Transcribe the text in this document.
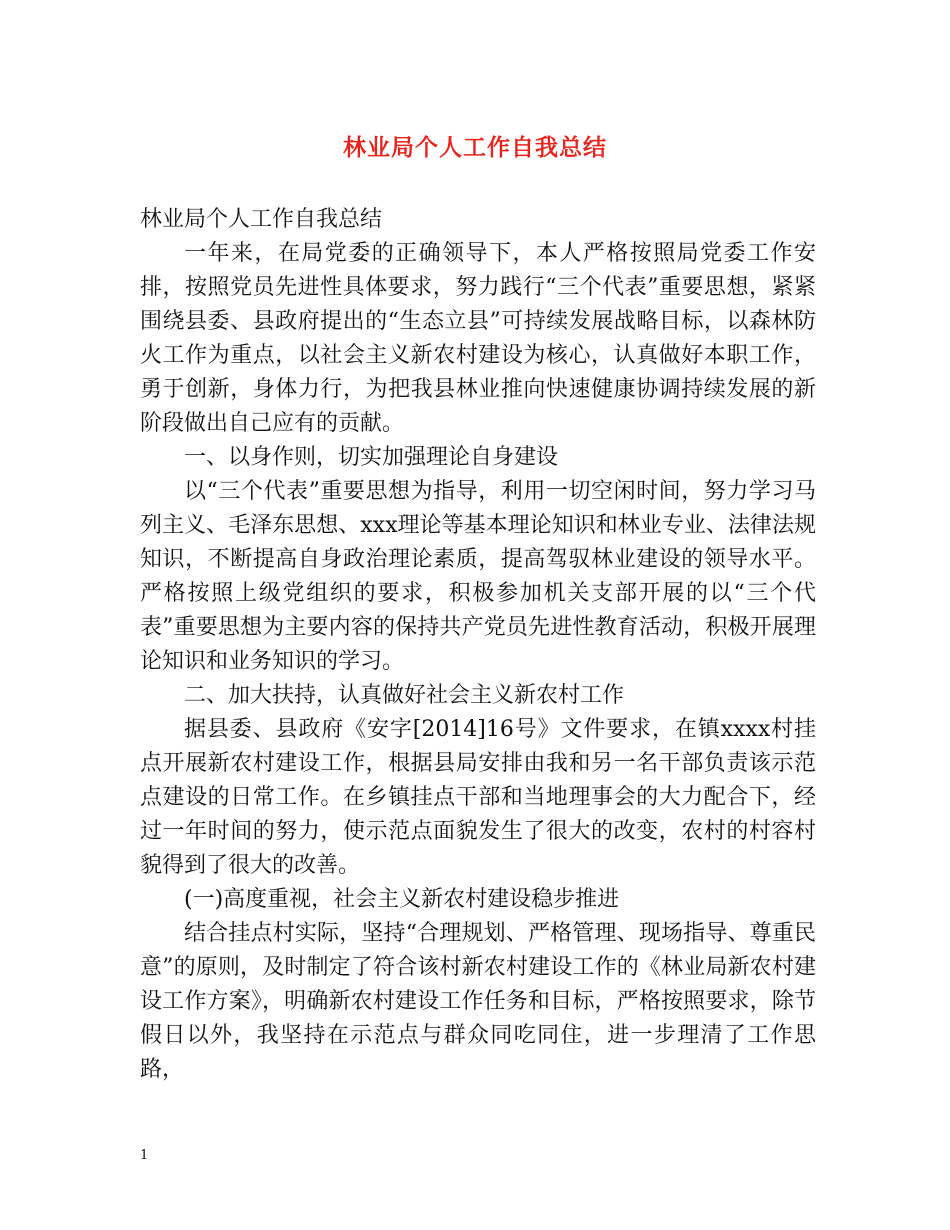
林业局个人工作自我总结

林业局个人工作自我总结

一年来，在局党委的正确领导下，本人严格按照局党委工作安排，按照党员先进性具体要求，努力践行“三个代表”重要思想，紧紧围绕县委、县政府提出的“生态立县”可持续发展战略目标，以森林防火工作为重点，以社会主义新农村建设为核心，认真做好本职工作，勇于创新，身体力行，为把我县林业推向快速健康协调持续发展的新阶段做出自己应有的贡献。

一、以身作则，切实加强理论自身建设

以“三个代表”重要思想为指导，利用一切空闲时间，努力学习马列主义、毛泽东思想、xxx理论等基本理论知识和林业专业、法律法规知识，不断提高自身政治理论素质，提高驾驭林业建设的领导水平。严格按照上级党组织的要求，积极参加机关支部开展的以“三个代表”重要思想为主要内容的保持共产党员先进性教育活动，积极开展理论知识和业务知识的学习。

二、加大扶持，认真做好社会主义新农村工作

据县委、县政府《安字[2014]16号》文件要求，在镇xxxx村挂点开展新农村建设工作，根据县局安排由我和另一名干部负责该示范点建设的日常工作。在乡镇挂点干部和当地理事会的大力配合下，经过一年时间的努力，使示范点面貌发生了很大的改变，农村的村容村貌得到了很大的改善。

(一)高度重视，社会主义新农村建设稳步推进

结合挂点村实际，坚持“合理规划、严格管理、现场指导、尊重民意”的原则，及时制定了符合该村新农村建设工作的《林业局新农村建设工作方案》，明确新农村建设工作任务和目标，严格按照要求，除节假日以外，我坚持在示范点与群众同吃同住，进一步理清了工作思路，

1
